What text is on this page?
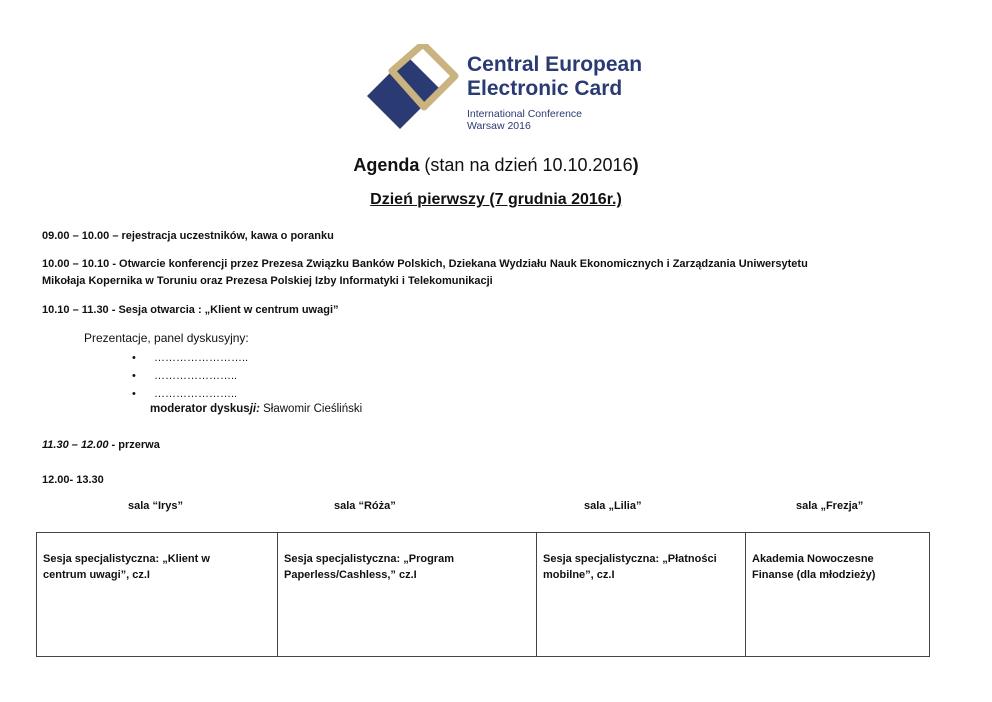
Central European
Electronic Card
International Conference
Warsaw 2016
Agenda (stan na dzień 10.10.2016)
Dzień pierwszy (7 grudnia 2016r.)
09.00 – 10.00 – rejestracja uczestników, kawa o poranku
10.00 – 10.10 - Otwarcie konferencji przez Prezesa Związku Banków Polskich, Dziekana Wydziału Nauk Ekonomicznych i Zarządzania Uniwersytetu
Mikołaja Kopernika w Toruniu oraz Prezesa Polskiej Izby Informatyki i Telekomunikacji
10.10 – 11.30 - Sesja otwarcia : „Klient w centrum uwagi”
Prezentacje, panel dyskusyjny:
• ……………………..
• …………………..
• …………………..
moderator dyskusji: Sławomir Cieśliński
11.30 – 12.00 - przerwa
12.00- 13.30
sala “Irys”	sala “Róża”	sala „Lilia”	sala „Frezja”
Sesja specjalistyczna: „Klient w
centrum uwagi”, cz.I

Sesja specjalistyczna: „Program
Paperless/Cashless,” cz.I

Sesja specjalistyczna: „Płatności
mobilne”, cz.I

Akademia Nowoczesne
Finanse (dla młodzieży)
